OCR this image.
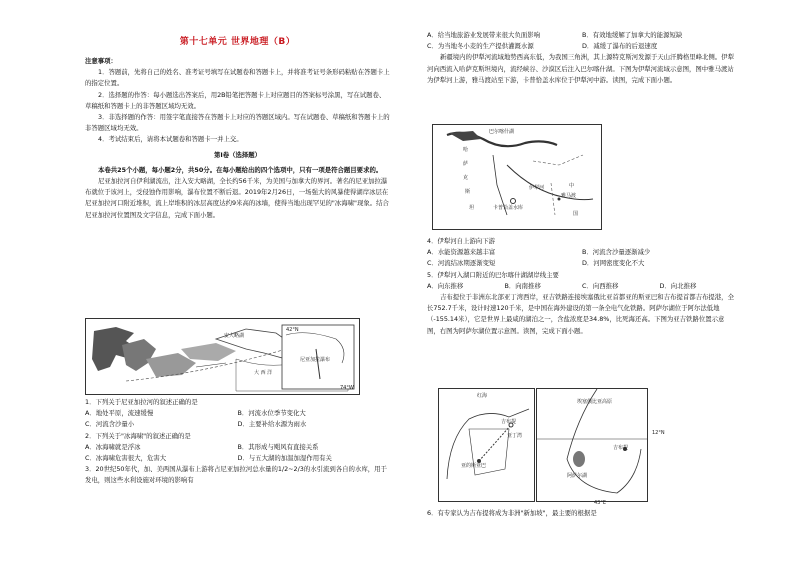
第十七单元 世界地理（B）

注意事项：

1．答题前，先将自己的姓名、准考证号填写在试题卷和答题卡上，并将准考证号条形码粘贴在答题卡上的指定位置。

2．选择题的作答：每小题选出答案后，用2B铅笔把答题卡上对应题目的答案标号涂黑，写在试题卷、草稿纸和答题卡上的非答题区域均无效。

3．非选择题的作答：用签字笔直接答在答题卡上对应的答题区域内。写在试题卷、草稿纸和答题卡上的非答题区域均无效。

4．考试结束后，请将本试题卷和答题卡一并上交。

第Ⅰ卷（选择题）

本卷共25个小题，每小题2分，共50分。在每小题给出的四个选项中，只有一项是符合题目要求的。

尼亚加拉河自伊利湖流出，注入安大略湖，全长约56千米，为美国与加拿大的界河。著名的尼亚加拉瀑布就位于该河上，受侵蚀作用影响，瀑布位置不断后退。2019年2月26日，一场强大的风暴使得湖岸冰层在尼亚加拉河口附近堆积，流上岸堆积的冰层高度达约9米高的冰墙，使得当地出现罕见的"冰海啸"现象。结合尼亚加拉河位置图及文字信息，完成下面小题。

大 西 洋
安大略湖
尼亚加拉瀑布
74°W
42°N

1．下列关于尼亚加拉河的叙述正确的是

A．地处平原，流速缓慢	B．河流水位季节变化大
C．河流含沙量小	D．主要补给水源为雨水

2．下列关于"冰海啸"的叙述正确的是

A．冰海啸就是浮冰	B．其形成与飓风有直接关系
C．冰海啸危害很大，危害大	D．与五大湖的加温加湿作用有关

3．20世纪50年代，加、美两国从瀑布上游将占尼亚加拉河总水量的1/2~2/3的水引流到各自的水库，用于发电，则这些水利设施对环境的影响有

A．给当地旅游业发展带来很大负面影响	B．有效地缓解了加拿大的能源短缺
C．为当地冬小麦的生产提供灌溉水源	D．减缓了瀑布的后退速度

新疆境内的伊犁河流域地势西高东低，为我国三角洲，其上源特克斯河发源于天山汗腾格里峰北侧。伊犁河向西流入哈萨克斯坦境内，流经峡谷、沙漠区后注入巴尔喀什湖。下图为伊犁河流域示意图，图中雅马渡站为伊犁河上游，雅马渡站至下游，卡普恰盖水库位于伊犁河中游。读图，完成下面小题。

哈
萨
克
斯
坦
中
国
巴尔喀什湖
卡普恰盖水库
雅马渡
伊犁河

4．伊犁河自上游向下游

A．水能资源越来越丰富	B．河流含沙量逐渐减少
C．河流结冰期逐渐变短	D．河网密度变化不大

5．伊犁河入湖口附近的巴尔喀什湖湖岸线主要

A．向东推移	B．向南推移	C．向西推移	D．向北推移

吉布提位于非洲东北部亚丁湾西岸，亚吉铁路连接埃塞俄比亚首都亚的斯亚巴和吉布提首都吉布提港，全长752.7千米，设计时速120千米，是中国在海外建设的第一条全电气化铁路。阿萨尔湖位于阿尔法低地（-155.14米），它是世界上最咸的湖泊之一，含盐浓度是34.8%，比死海还高。下图为亚吉铁路位置示意图，右图为阿萨尔湖位置示意图。读图，完成下面小题。

红海
亚丁湾
亚的斯亚巴
吉布提
埃塞俄比亚高原
阿萨尔湖
吉布提
12°N
43°E

6．有专家认为吉布提将成为非洲"新加坡"，最主要的根据是
